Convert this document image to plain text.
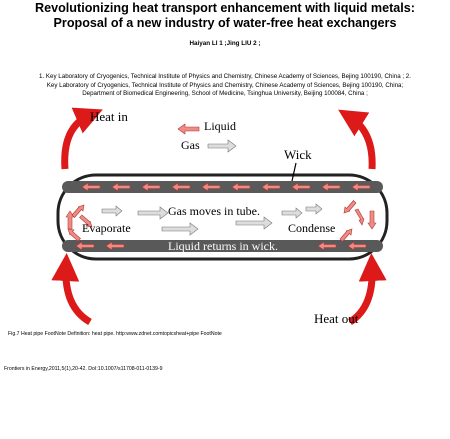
Revolutionizing heat transport enhancement with liquid metals:
Proposal of a new industry of water-free heat exchangers
Haiyan LI 1 ;Jing LIU 2 ;
1. Key Laboratory of Cryogenics, Technical Institute of Physics and Chemistry, Chinese Academy of Sciences, Bejing 100190, China ; 2.
Key Laboratory of Cryogenics, Technical Institute of Physics and Chemistry, Chinese Academy of Sciences, Bejing 100190, China;
Department of Biomedical Engineering, School of Medicine, Tsinghua University, Beijing 100084, China ;
Heat in
Liquid
Gas
Wick
Gas moves in tube.
Evaporate	Condense
Liquid returns in wick.
Heat out
Fig.7 Heat pipe FootNote Definition: heat pipe. http:www.zdnet.comtopicsheat+pipe FootNote
Frontiers in Energy,2011,5(1),20-42. DoI:10.1007/s11708-011-0139-9
